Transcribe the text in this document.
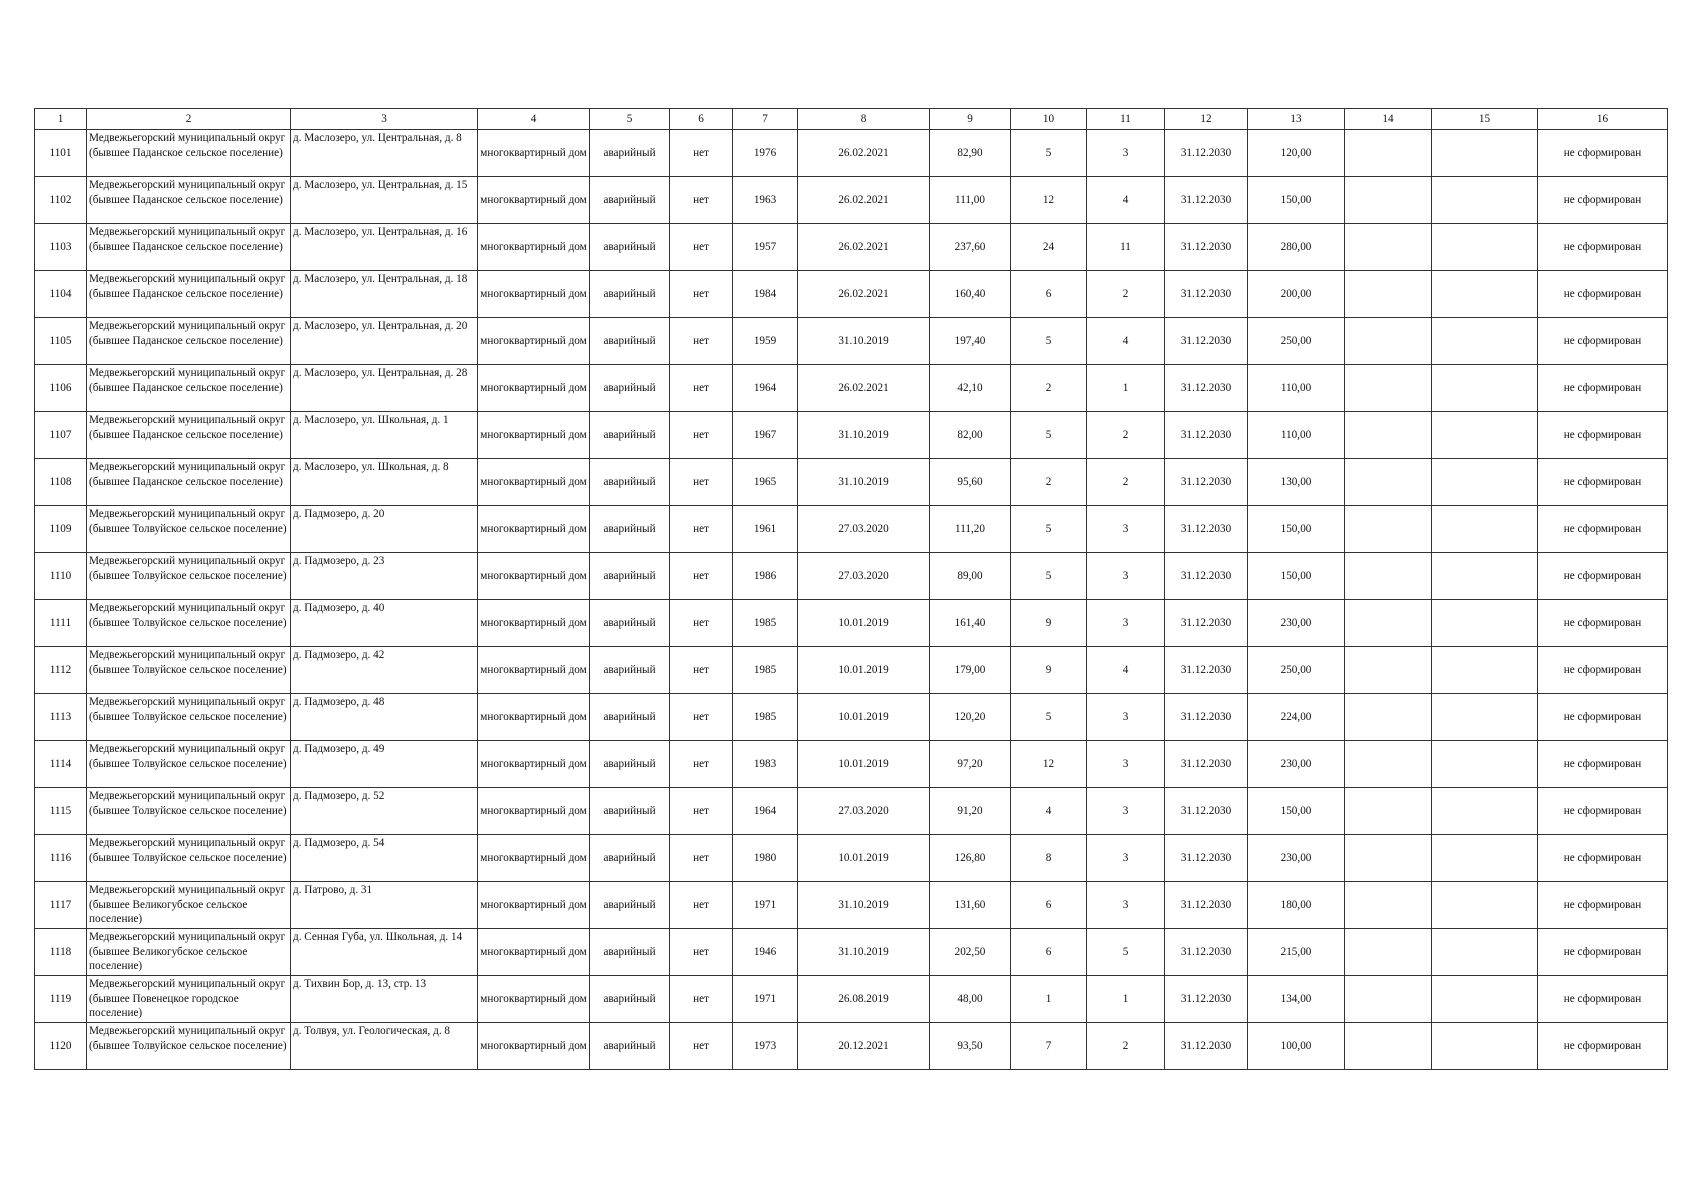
1	2	3	4	5	6	7	8	9	10	11	12	13	14	15	16
1101	Медвежьегорский муниципальный округ (бывшее Паданское сельское поселение)	д. Маслозеро, ул. Центральная, д. 8	многоквартирный дом	аварийный	нет	1976	26.02.2021	82,90	5	3	31.12.2030	120,00			не сформирован
1102	Медвежьегорский муниципальный округ (бывшее Паданское сельское поселение)	д. Маслозеро, ул. Центральная, д. 15	многоквартирный дом	аварийный	нет	1963	26.02.2021	111,00	12	4	31.12.2030	150,00			не сформирован
1103	Медвежьегорский муниципальный округ (бывшее Паданское сельское поселение)	д. Маслозеро, ул. Центральная, д. 16	многоквартирный дом	аварийный	нет	1957	26.02.2021	237,60	24	11	31.12.2030	280,00			не сформирован
1104	Медвежьегорский муниципальный округ (бывшее Паданское сельское поселение)	д. Маслозеро, ул. Центральная, д. 18	многоквартирный дом	аварийный	нет	1984	26.02.2021	160,40	6	2	31.12.2030	200,00			не сформирован
1105	Медвежьегорский муниципальный округ (бывшее Паданское сельское поселение)	д. Маслозеро, ул. Центральная, д. 20	многоквартирный дом	аварийный	нет	1959	31.10.2019	197,40	5	4	31.12.2030	250,00			не сформирован
1106	Медвежьегорский муниципальный округ (бывшее Паданское сельское поселение)	д. Маслозеро, ул. Центральная, д. 28	многоквартирный дом	аварийный	нет	1964	26.02.2021	42,10	2	1	31.12.2030	110,00			не сформирован
1107	Медвежьегорский муниципальный округ (бывшее Паданское сельское поселение)	д. Маслозеро, ул. Школьная, д. 1	многоквартирный дом	аварийный	нет	1967	31.10.2019	82,00	5	2	31.12.2030	110,00			не сформирован
1108	Медвежьегорский муниципальный округ (бывшее Паданское сельское поселение)	д. Маслозеро, ул. Школьная, д. 8	многоквартирный дом	аварийный	нет	1965	31.10.2019	95,60	2	2	31.12.2030	130,00			не сформирован
1109	Медвежьегорский муниципальный округ (бывшее Толвуйское сельское поселение)	д. Падмозеро, д. 20	многоквартирный дом	аварийный	нет	1961	27.03.2020	111,20	5	3	31.12.2030	150,00			не сформирован
1110	Медвежьегорский муниципальный округ (бывшее Толвуйское сельское поселение)	д. Падмозеро, д. 23	многоквартирный дом	аварийный	нет	1986	27.03.2020	89,00	5	3	31.12.2030	150,00			не сформирован
1111	Медвежьегорский муниципальный округ (бывшее Толвуйское сельское поселение)	д. Падмозеро, д. 40	многоквартирный дом	аварийный	нет	1985	10.01.2019	161,40	9	3	31.12.2030	230,00			не сформирован
1112	Медвежьегорский муниципальный округ (бывшее Толвуйское сельское поселение)	д. Падмозеро, д. 42	многоквартирный дом	аварийный	нет	1985	10.01.2019	179,00	9	4	31.12.2030	250,00			не сформирован
1113	Медвежьегорский муниципальный округ (бывшее Толвуйское сельское поселение)	д. Падмозеро, д. 48	многоквартирный дом	аварийный	нет	1985	10.01.2019	120,20	5	3	31.12.2030	224,00			не сформирован
1114	Медвежьегорский муниципальный округ (бывшее Толвуйское сельское поселение)	д. Падмозеро, д. 49	многоквартирный дом	аварийный	нет	1983	10.01.2019	97,20	12	3	31.12.2030	230,00			не сформирован
1115	Медвежьегорский муниципальный округ (бывшее Толвуйское сельское поселение)	д. Падмозеро, д. 52	многоквартирный дом	аварийный	нет	1964	27.03.2020	91,20	4	3	31.12.2030	150,00			не сформирован
1116	Медвежьегорский муниципальный округ (бывшее Толвуйское сельское поселение)	д. Падмозеро, д. 54	многоквартирный дом	аварийный	нет	1980	10.01.2019	126,80	8	3	31.12.2030	230,00			не сформирован
1117	Медвежьегорский муниципальный округ (бывшее Великогубское сельское поселение)	д. Патрово, д. 31	многоквартирный дом	аварийный	нет	1971	31.10.2019	131,60	6	3	31.12.2030	180,00			не сформирован
1118	Медвежьегорский муниципальный округ (бывшее Великогубское сельское поселение)	д. Сенная Губа, ул. Школьная, д. 14	многоквартирный дом	аварийный	нет	1946	31.10.2019	202,50	6	5	31.12.2030	215,00			не сформирован
1119	Медвежьегорский муниципальный округ (бывшее Повенецкое городское поселение)	д. Тихвин Бор, д. 13, стр. 13	многоквартирный дом	аварийный	нет	1971	26.08.2019	48,00	1	1	31.12.2030	134,00			не сформирован
1120	Медвежьегорский муниципальный округ (бывшее Толвуйское сельское поселение)	д. Толвуя, ул. Геологическая, д. 8	многоквартирный дом	аварийный	нет	1973	20.12.2021	93,50	7	2	31.12.2030	100,00			не сформирован
